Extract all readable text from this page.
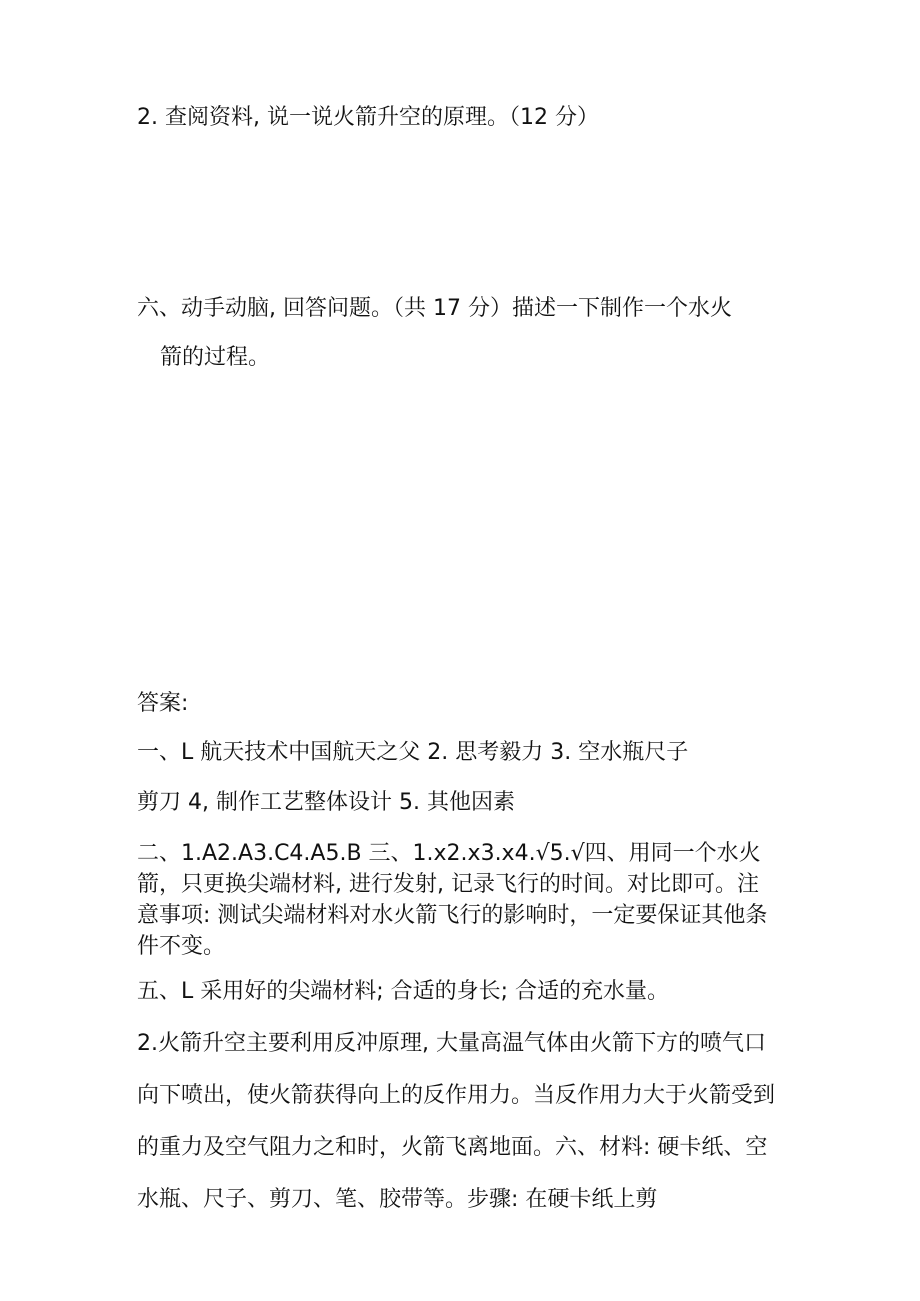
2. 查阅资料, 说一说火箭升空的原理。（12 分）

六、动手动脑, 回答问题。（共 17 分）描述一下制作一个水火

箭的过程。

答案:

一、L 航天技术中国航天之父 2. 思考毅力 3. 空水瓶尺子

剪刀 4, 制作工艺整体设计 5. 其他因素

二、1.A2.A3.C4.A5.B 三、1.x2.x3.x4.√5.√四、用同一个水火箭，只更换尖端材料, 进行发射, 记录飞行的时间。对比即可。注意事项: 测试尖端材料对水火箭飞行的影响时，一定要保证其他条件不变。

五、L 采用好的尖端材料; 合适的身长; 合适的充水量。

2.火箭升空主要利用反冲原理, 大量高温气体由火箭下方的喷气口向下喷出，使火箭获得向上的反作用力。当反作用力大于火箭受到的重力及空气阻力之和时，火箭飞离地面。六、材料: 硬卡纸、空水瓶、尺子、剪刀、笔、胶带等。步骤: 在硬卡纸上剪
